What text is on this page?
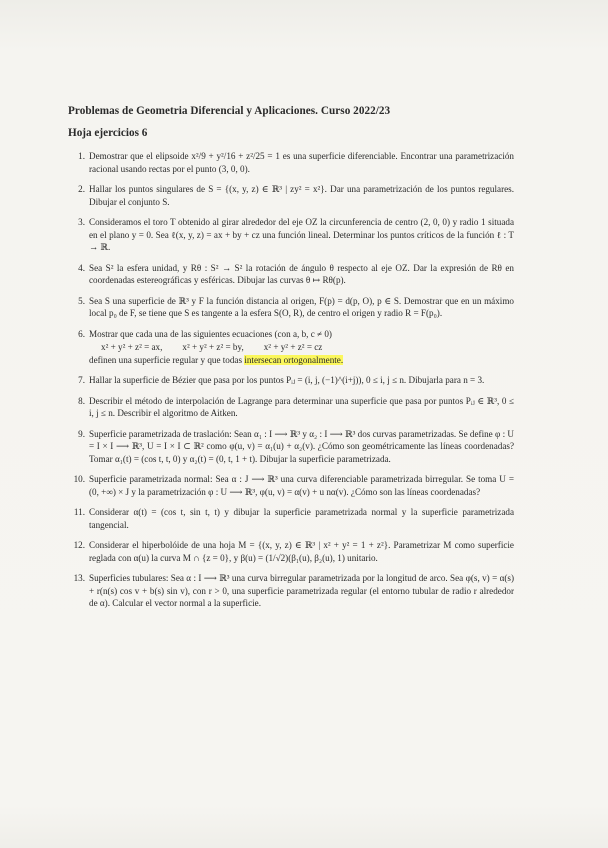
Problemas de Geometria Diferencial y Aplicaciones. Curso 2022/23
Hoja ejercicios 6
1. Demostrar que el elipsoide x²/9 + y²/16 + z²/25 = 1 es una superficie diferenciable. Encontrar una parametrización racional usando rectas por el punto (3, 0, 0).
2. Hallar los puntos singulares de S = {(x, y, z) ∈ ℝ³ | zy² = x²}. Dar una parametrización de los puntos regulares. Dibujar el conjunto S.
3. Consideramos el toro T obtenido al girar alrededor del eje OZ la circunferencia de centro (2, 0, 0) y radio 1 situada en el plano y = 0. Sea ℓ(x, y, z) = ax + by + cz una función lineal. Determinar los puntos críticos de la función ℓ : T → ℝ.
4. Sea S² la esfera unidad, y Rθ : S² → S² la rotación de ángulo θ respecto al eje OZ. Dar la expresión de Rθ en coordenadas estereográficas y esféricas. Dibujar las curvas θ ↦ Rθ(p).
5. Sea S una superficie de ℝ³ y F la función distancia al origen, F(p) = d(p, O), p ∈ S. Demostrar que en un máximo local p₀ de F, se tiene que S es tangente a la esfera S(O, R), de centro el origen y radio R = F(p₀).
6. Mostrar que cada una de las siguientes ecuaciones (con a, b, c ≠ 0)
x² + y² + z² = ax, x² + y² + z² = by, x² + y² + z² = cz
definen una superficie regular y que todas intersecan ortogonalmente.
7. Hallar la superficie de Bézier que pasa por los puntos Pᵢⱼ = (i, j, (−1)^(i+j)), 0 ≤ i, j ≤ n. Dibujarla para n = 3.
8. Describir el método de interpolación de Lagrange para determinar una superficie que pasa por puntos Pᵢⱼ ∈ ℝ³, 0 ≤ i, j ≤ n. Describir el algoritmo de Aitken.
9. Superficie parametrizada de traslación: Sean α₁ : I ⟶ ℝ³ y α₂ : I ⟶ ℝ³ dos curvas parametrizadas. Se define φ : U = I × I ⟶ ℝ³, U = I × I ⊂ ℝ² como φ(u, v) = α₁(u) + α₂(v). ¿Cómo son geométricamente las líneas coordenadas? Tomar α₁(t) = (cos t, t, 0) y α₂(t) = (0, t, 1 + t). Dibujar la superficie parametrizada.
10. Superficie parametrizada normal: Sea α : J ⟶ ℝ³ una curva diferenciable parametrizada birregular. Se toma U = (0, +∞) × J y la parametrización φ : U ⟶ ℝ³, φ(u, v) = α(v) + u nα(v). ¿Cómo son las líneas coordenadas?
11. Considerar α(t) = (cos t, sin t, t) y dibujar la superficie parametrizada normal y la superficie parametrizada tangencial.
12. Considerar el hiperbolóide de una hoja M = {(x, y, z) ∈ ℝ³ | x² + y² = 1 + z²}. Parametrizar M como superficie reglada con α(u) la curva M ∩ {z = 0}, y β(u) = (1/√2)(β₁(u), β₂(u), 1) unitario.
13. Superficies tubulares: Sea α : I ⟶ ℝ³ una curva birregular parametrizada por la longitud de arco. Sea φ(s, v) = α(s) + r(n(s) cos v + b(s) sin v), con r > 0, una superficie parametrizada regular (el entorno tubular de radio r alrededor de α). Calcular el vector normal a la superficie.
